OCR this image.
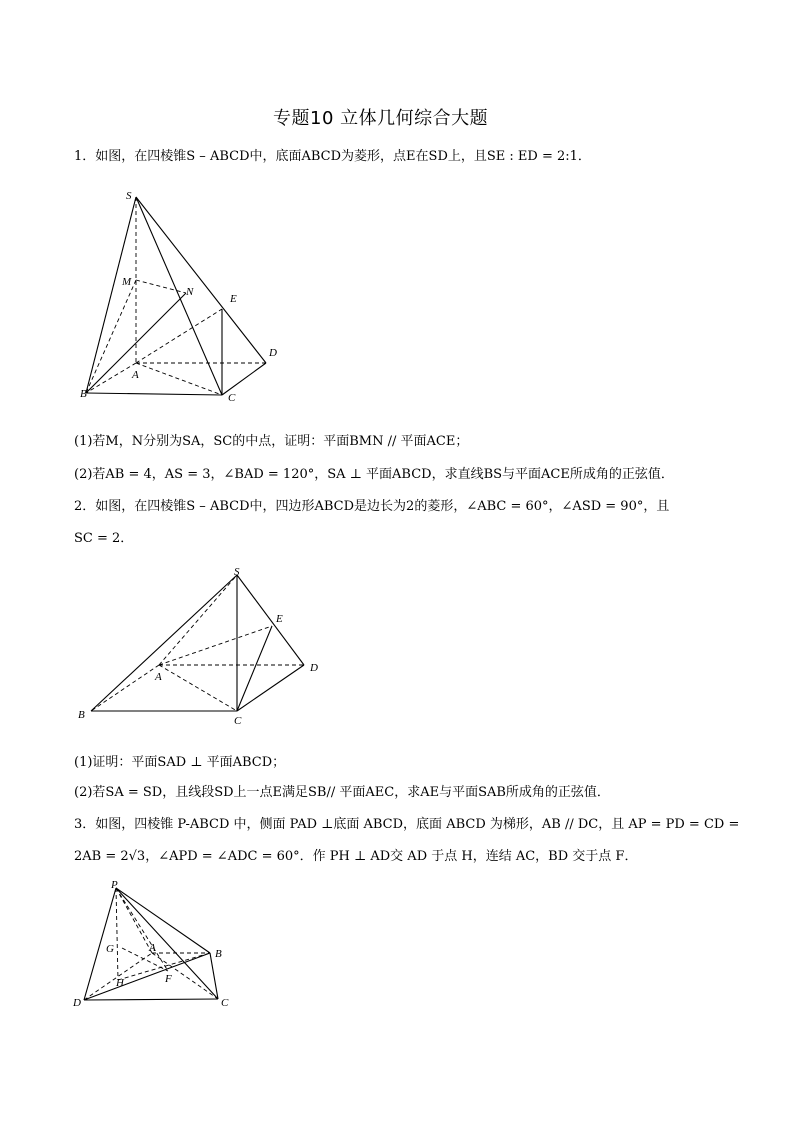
专题10 立体几何综合大题
1．如图，在四棱锥S – ABCD中，底面ABCD为菱形，点E在SD上，且SE : ED = 2:1．
S
M
N
E
D
A
B	C
(1)若M，N分别为SA，SC的中点，证明：平面BMN // 平面ACE；
(2)若AB = 4，AS = 3，∠BAD = 120°，SA ⊥ 平面ABCD，求直线BS与平面ACE所成角的正弦值．
2．如图，在四棱锥S – ABCD中，四边形ABCD是边长为2的菱形，∠ABC = 60°，∠ASD = 90°，且
SC = 2．
S
E
D
A
B	C
(1)证明：平面SAD ⊥ 平面ABCD；
(2)若SA = SD，且线段SD上一点E满足SB// 平面AEC，求AE与平面SAB所成角的正弦值．
3．如图，四棱锥 P-ABCD 中，侧面 PAD ⊥底面 ABCD，底面 ABCD 为梯形，AB // DC，且 AP = PD = CD =
2AB = 2√3，∠APD = ∠ADC = 60°．作 PH ⊥ AD交 AD 于点 H，连结 AC，BD 交于点 F．
P
G	A	B
H	F
D	C
